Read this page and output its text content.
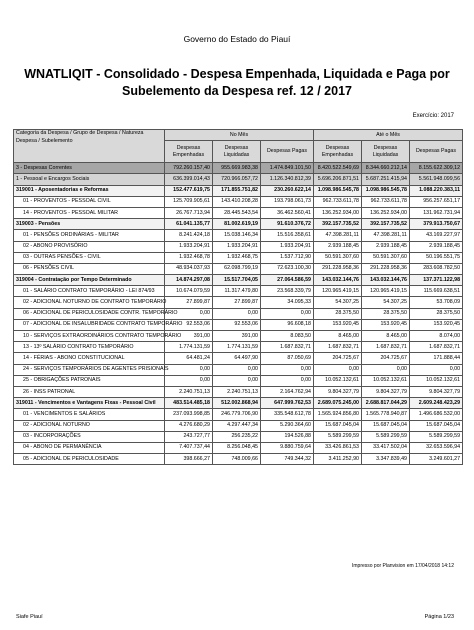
Governo do Estado do Piauí
WNATLIQIT - Consolidado - Despesa Empenhada, Liquidada e Paga por Subelemento da Despesa ref. 12 / 2017
Exercício: 2017
Categoria da Despesa / Grupo de Despesa / Natureza Despesa / Subelemento	No Mês			Até o Mês		
	Despesas Empenhadas	Despesas Liquidadas	Despesas Pagas	Despesas Empenhadas	Despesas Liquidadas	Despesas Pagas
3 - Despesas Correntes	792.260.157,40	955.669.983,38	1.474.849.101,50	8.420.522.549,69	8.344.660.212,14	8.155.622.309,12
1 - Pessoal e Encargos Sociais	636.399.014,43	720.966.057,72	1.126.340.812,39	5.696.206.871,51	5.687.251.415,94	5.561.948.099,56
319001 - Aposentadorias e Reformas	152.477.619,75	171.855.751,82	230.260.622,14	1.098.986.545,78	1.098.986.545,78	1.088.220.383,11
01 - PROVENTOS - PESSOAL CIVIL	125.709.905,61	143.410.208,28	193.798.061,73	962.733.611,78	962.733.611,78	956.257.651,17
14 - PROVENTOS - PESSOAL MILITAR	26.767.713,94	28.445.543,54	36.462.560,41	136.252.934,00	136.252.934,00	131.962.731,94
319003 - Pensões	61.041.135,77	81.002.619,19	91.610.376,72	392.157.735,52	392.157.735,52	379.913.750,67
01 - PENSÕES ORDINÁRIAS - MILITAR	8.241.424,18	15.038.146,34	15.516.358,61	47.398.281,11	47.398.281,11	43.169.227,97
02 - ABONO PROVISÓRIO	1.933.204,91	1.933.204,91	1.933.204,91	2.939.188,45	2.939.188,45	2.939.188,45
03 - OUTRAS PENSÕES - CIVIL	1.932.468,78	1.932.468,75	1.537.712,90	50.591.307,60	50.591.307,60	50.196.551,75
06 - PENSÕES CIVIL	48.934.037,93	62.098.799,19	72.623.100,30	291.228.958,36	291.228.958,36	283.608.782,50
319004 - Contratação por Tempo Determinado	14.874.297,08	15.517.704,05	27.064.586,59	143.032.144,76	143.032.144,76	137.371.122,98
01 - SALÁRIO CONTRATO TEMPORÁRIO - LEI 874/93	10.674.079,59	11.317.479,80	23.568.339,79	120.965.419,15	120.965.419,15	115.669.638,51
02 - ADICIONAL NOTURNO DE CONTRATO TEMPORÁRIO	27.899,87	27.899,87	34.095,33	54.307,25	54.307,25	53.708,09
06 - ADICIONAL DE PERICULOSIDADE CONTR. TEMPORÁRIO	0,00	0,00	0,00	28.375,50	28.375,50	28.375,50
07 - ADICIONAL DE INSALUBRIDADE CONTRATO TEMPORÁRIO	92.553,06	92.553,06	96.608,18	153.920,45	153.920,45	153.920,45
10 - SERVIÇOS EXTRAORDINÁRIOS CONTRATO TEMPORÁRIO	391,00	391,00	8.083,50	8.465,00	8.465,00	8.074,00
13 - 13º SALÁRIO CONTRATO TEMPORÁRIO	1.774.131,59	1.774.131,59	1.687.832,71	1.687.832,71	1.687.832,71	1.687.832,71
14 - FÉRIAS - ABONO CONSTITUCIONAL	64.481,24	64.497,90	87.050,69	204.725,67	204.725,67	171.888,44
24 - SERVIÇOS TEMPORÁRIOS DE AGENTES PRISIONAIS	0,00	0,00	0,00	0,00	0,00	0,00
25 - OBRIGAÇÕES PATRONAIS	0,00	0,00	0,00	10.052.132,61	10.052.132,61	10.052.132,61
26 - INSS PATRONAL	2.240.751,13	2.240.751,13	2.164.762,94	9.804.327,79	9.804.327,79	9.804.327,79
319011 - Vencimentos e Vantagens Fixas - Pessoal Civil	483.514.485,18	512.002.868,94	647.999.762,53	2.689.075.245,00	2.688.817.044,29	2.609.248.423,29
01 - VENCIMENTOS E SALÁRIOS	237.093.998,85	246.779.706,90	335.548.612,78	1.565.924.856,80	1.565.778.940,87	1.496.686.532,00
02 - ADICIONAL NOTURNO	4.276.680,29	4.297.447,34	5.290.364,60	15.687.045,04	15.687.045,04	15.687.045,04
03 - INCORPORAÇÕES	243.727,77	256.235,22	194.526,88	5.589.299,59	5.589.299,59	5.589.299,59
04 - ABONO DE PERMANÊNCIA	7.407.737,44	8.256.048,45	9.880.759,64	33.426.861,53	33.417.502,04	32.653.596,94
05 - ADICIONAL DE PERICULOSIDADE	398.666,27	748.009,66	749.344,32	3.411.252,90	3.347.839,49	3.249.601,27
Impresso por Planvision em 17/04/2018 14:12
Siafe Piauí	Página 1/23
